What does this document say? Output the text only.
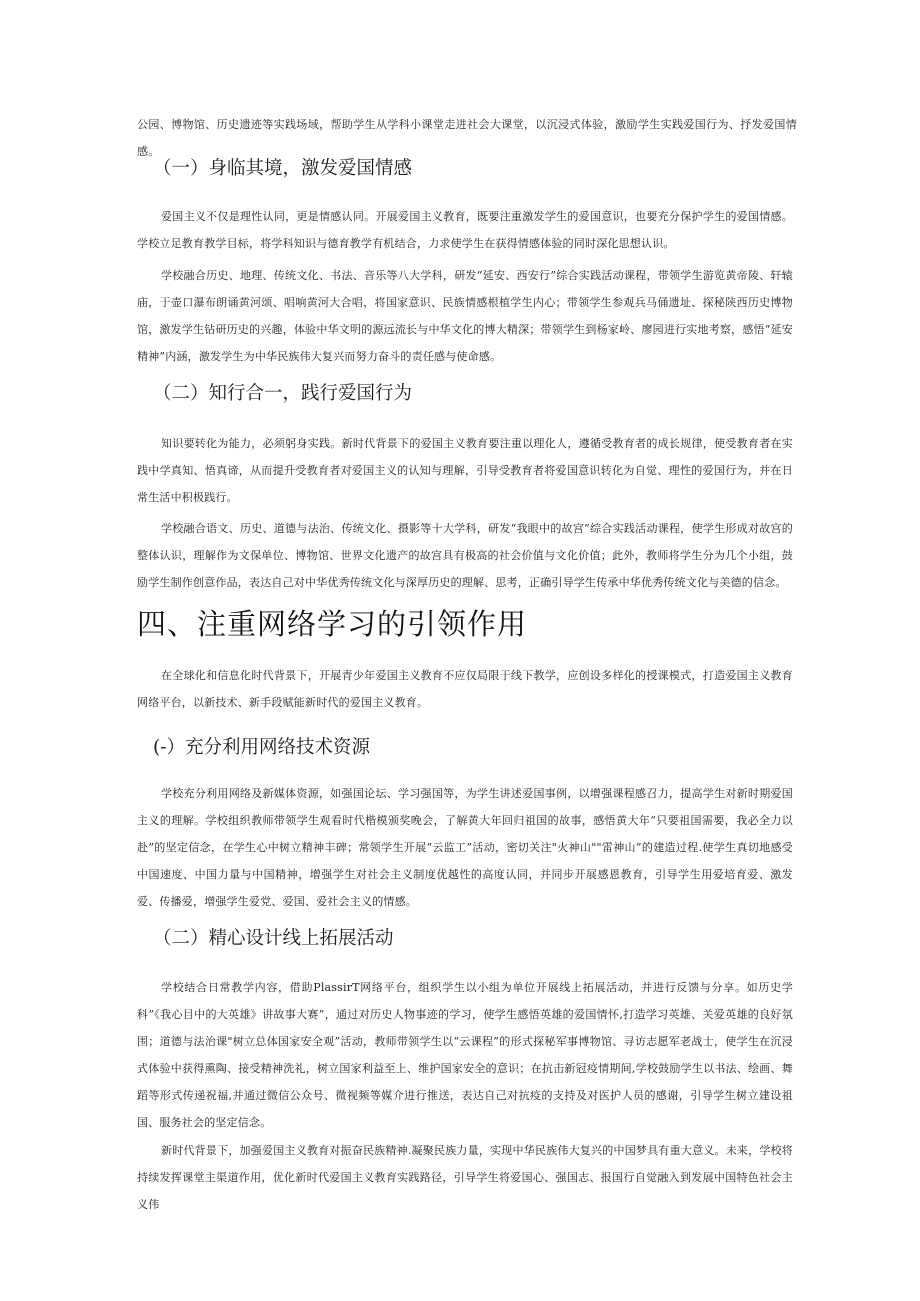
公园、博物馆、历史遗迹等实践场域，帮助学生从学科小课堂走进社会大课堂，以沉浸式体验，激励学生实践爱国行为、抒发爱国情感。

（一）身临其境，激发爱国情感

爱国主义不仅是理性认同，更是情感认同。开展爱国主义教育，既要注重激发学生的爱国意识，也要充分保护学生的爱国情感。学校立足教育教学目标，将学科知识与德育教学有机结合，力求使学生在获得情感体验的同时深化思想认识。

学校融合历史、地理、传统文化、书法、音乐等八大学科，研发“延安、西安行”综合实践活动课程，带领学生游览黄帝陵、轩辕庙，于壶口瀑布朗诵黄河颂、唱响黄河大合唱，将国家意识、民族情感根植学生内心；带领学生参观兵马俑遗址、探秘陕西历史博物馆，激发学生钻研历史的兴趣，体验中华文明的源远流长与中华文化的博大精深；带领学生到杨家岭、廖园进行实地考察，感悟“延安精神”内涵，激发学生为中华民族伟大复兴而努力奋斗的责任感与使命感。

（二）知行合一，践行爱国行为

知识要转化为能力，必须躬身实践。新时代背景下的爱国主义教育要注重以理化人，遵循受教育者的成长规律，使受教育者在实践中学真知、悟真谛，从而提升受教育者对爱国主义的认知与理解，引导受教育者将爱国意识转化为自觉、理性的爱国行为，并在日常生活中积极践行。

学校融合语文、历史、道德与法治、传统文化、摄影等十大学科，研发“我眼中的故宫”综合实践活动课程，使学生形成对故宫的整体认识，理解作为文保单位、博物馆、世界文化遗产的故宫具有极高的社会价值与文化价值；此外，教师将学生分为几个小组，鼓励学生制作创意作品，表达自己对中华优秀传统文化与深厚历史的理解、思考，正确引导学生传承中华优秀传统文化与美德的信念。

四、注重网络学习的引领作用

在全球化和信息化时代背景下，开展青少年爱国主义教育不应仅局限于线下教学，应创设多样化的授课模式，打造爱国主义教育网络平台，以新技术、新手段赋能新时代的爱国主义教育。

(-）充分利用网络技术资源

学校充分利用网络及新媒体资源，如强国论坛、学习强国等，为学生讲述爱国事例，以增强课程感召力，提高学生对新时期爱国主义的理解。学校组织教师带领学生观看时代楷模颁奖晚会，了解黄大年回归祖国的故事，感悟黄大年“只要祖国需要，我必全力以赴”的坚定信念，在学生心中树立精神丰碑；常领学生开展“云监工”活动，密切关注"火神山""雷神山”的建造过程.使学生真切地感受中国速度、中国力量与中国精神，增强学生对社会主义制度优越性的高度认同，并同步开展感恩教育，引导学生用爱培育爱、激发爱、传播爱，增强学生爱党、爱国、爱社会主义的情感。

（二）精心设计线上拓展活动

学校结合日常教学内容，借助PlassirT网络平台，组织学生以小组为单位开展线上拓展活动，并进行反馈与分享。如历史学科”《我心目中的大英雄》讲故事大赛”，通过对历史人物事迹的学习，使学生感悟英雄的爱国情怀,打造学习英雄、关爱英雄的良好氛围；道德与法治课"树立总体国家安全观”活动，教师带领学生以“云课程”的形式探秘军事博物馆、寻访志愿军老战士，使学生在沉浸式体验中获得熏陶、接受精神洗礼，树立国家利益至上、维护国家安全的意识；在抗击新冠疫情期间,学校鼓励学生以书法、绘画、舞蹈等形式传递祝福,并通过微信公众号、微视频等媒介进行推送，表达自己对抗疫的支持及对医护人员的感谢，引导学生树立建设祖国、服务社会的坚定信念。

新时代背景下，加强爱国主义教育对振奋民族精神.凝聚民族力量，实现中华民族伟大复兴的中国梦具有重大意义。未来，学校将持续发挥课堂主渠道作用，优化新时代爱国主义教育实践路径，引导学生将爱国心、强国志、报国行自觉融入到发展中国特色社会主义伟
